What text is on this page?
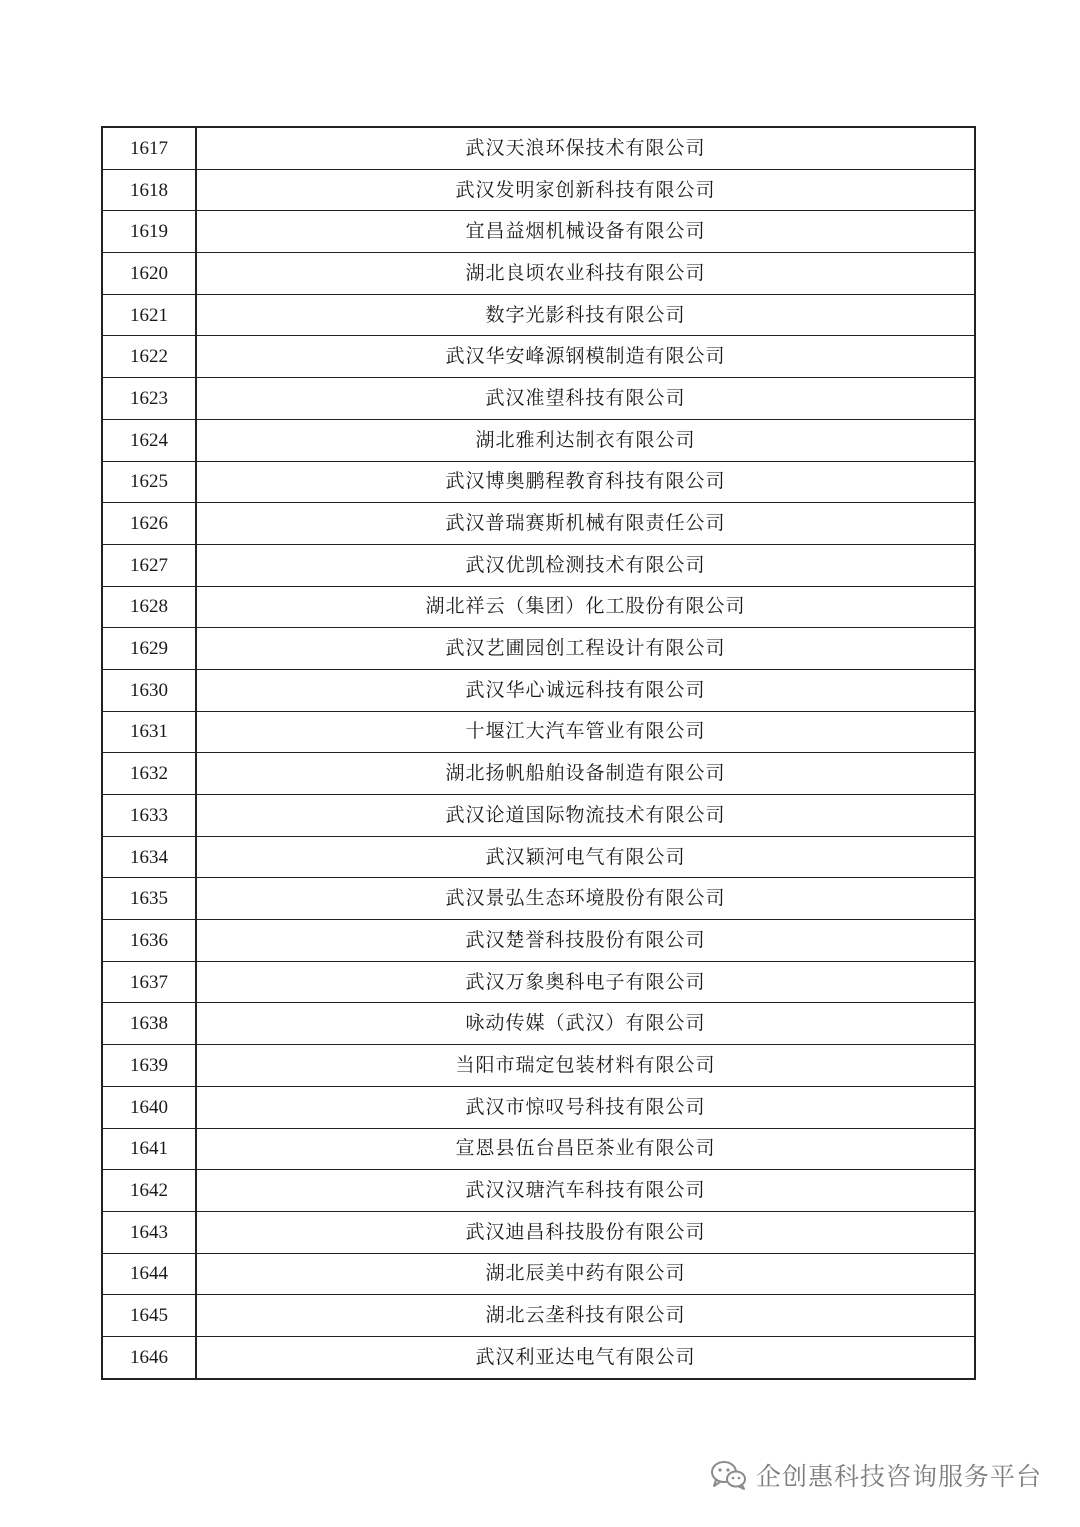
1617	武汉天浪环保技术有限公司
1618	武汉发明家创新科技有限公司
1619	宜昌益烟机械设备有限公司
1620	湖北良顷农业科技有限公司
1621	数字光影科技有限公司
1622	武汉华安峰源钢模制造有限公司
1623	武汉准望科技有限公司
1624	湖北雅利达制衣有限公司
1625	武汉博奥鹏程教育科技有限公司
1626	武汉普瑞赛斯机械有限责任公司
1627	武汉优凯检测技术有限公司
1628	湖北祥云（集团）化工股份有限公司
1629	武汉艺圃园创工程设计有限公司
1630	武汉华心诚远科技有限公司
1631	十堰江大汽车管业有限公司
1632	湖北扬帆船舶设备制造有限公司
1633	武汉论道国际物流技术有限公司
1634	武汉颖河电气有限公司
1635	武汉景弘生态环境股份有限公司
1636	武汉楚誉科技股份有限公司
1637	武汉万象奥科电子有限公司
1638	咏动传媒（武汉）有限公司
1639	当阳市瑞定包装材料有限公司
1640	武汉市惊叹号科技有限公司
1641	宣恩县伍台昌臣茶业有限公司
1642	武汉汉瑭汽车科技有限公司
1643	武汉迪昌科技股份有限公司
1644	湖北辰美中药有限公司
1645	湖北云垄科技有限公司
1646	武汉利亚达电气有限公司
企创惠科技咨询服务平台
